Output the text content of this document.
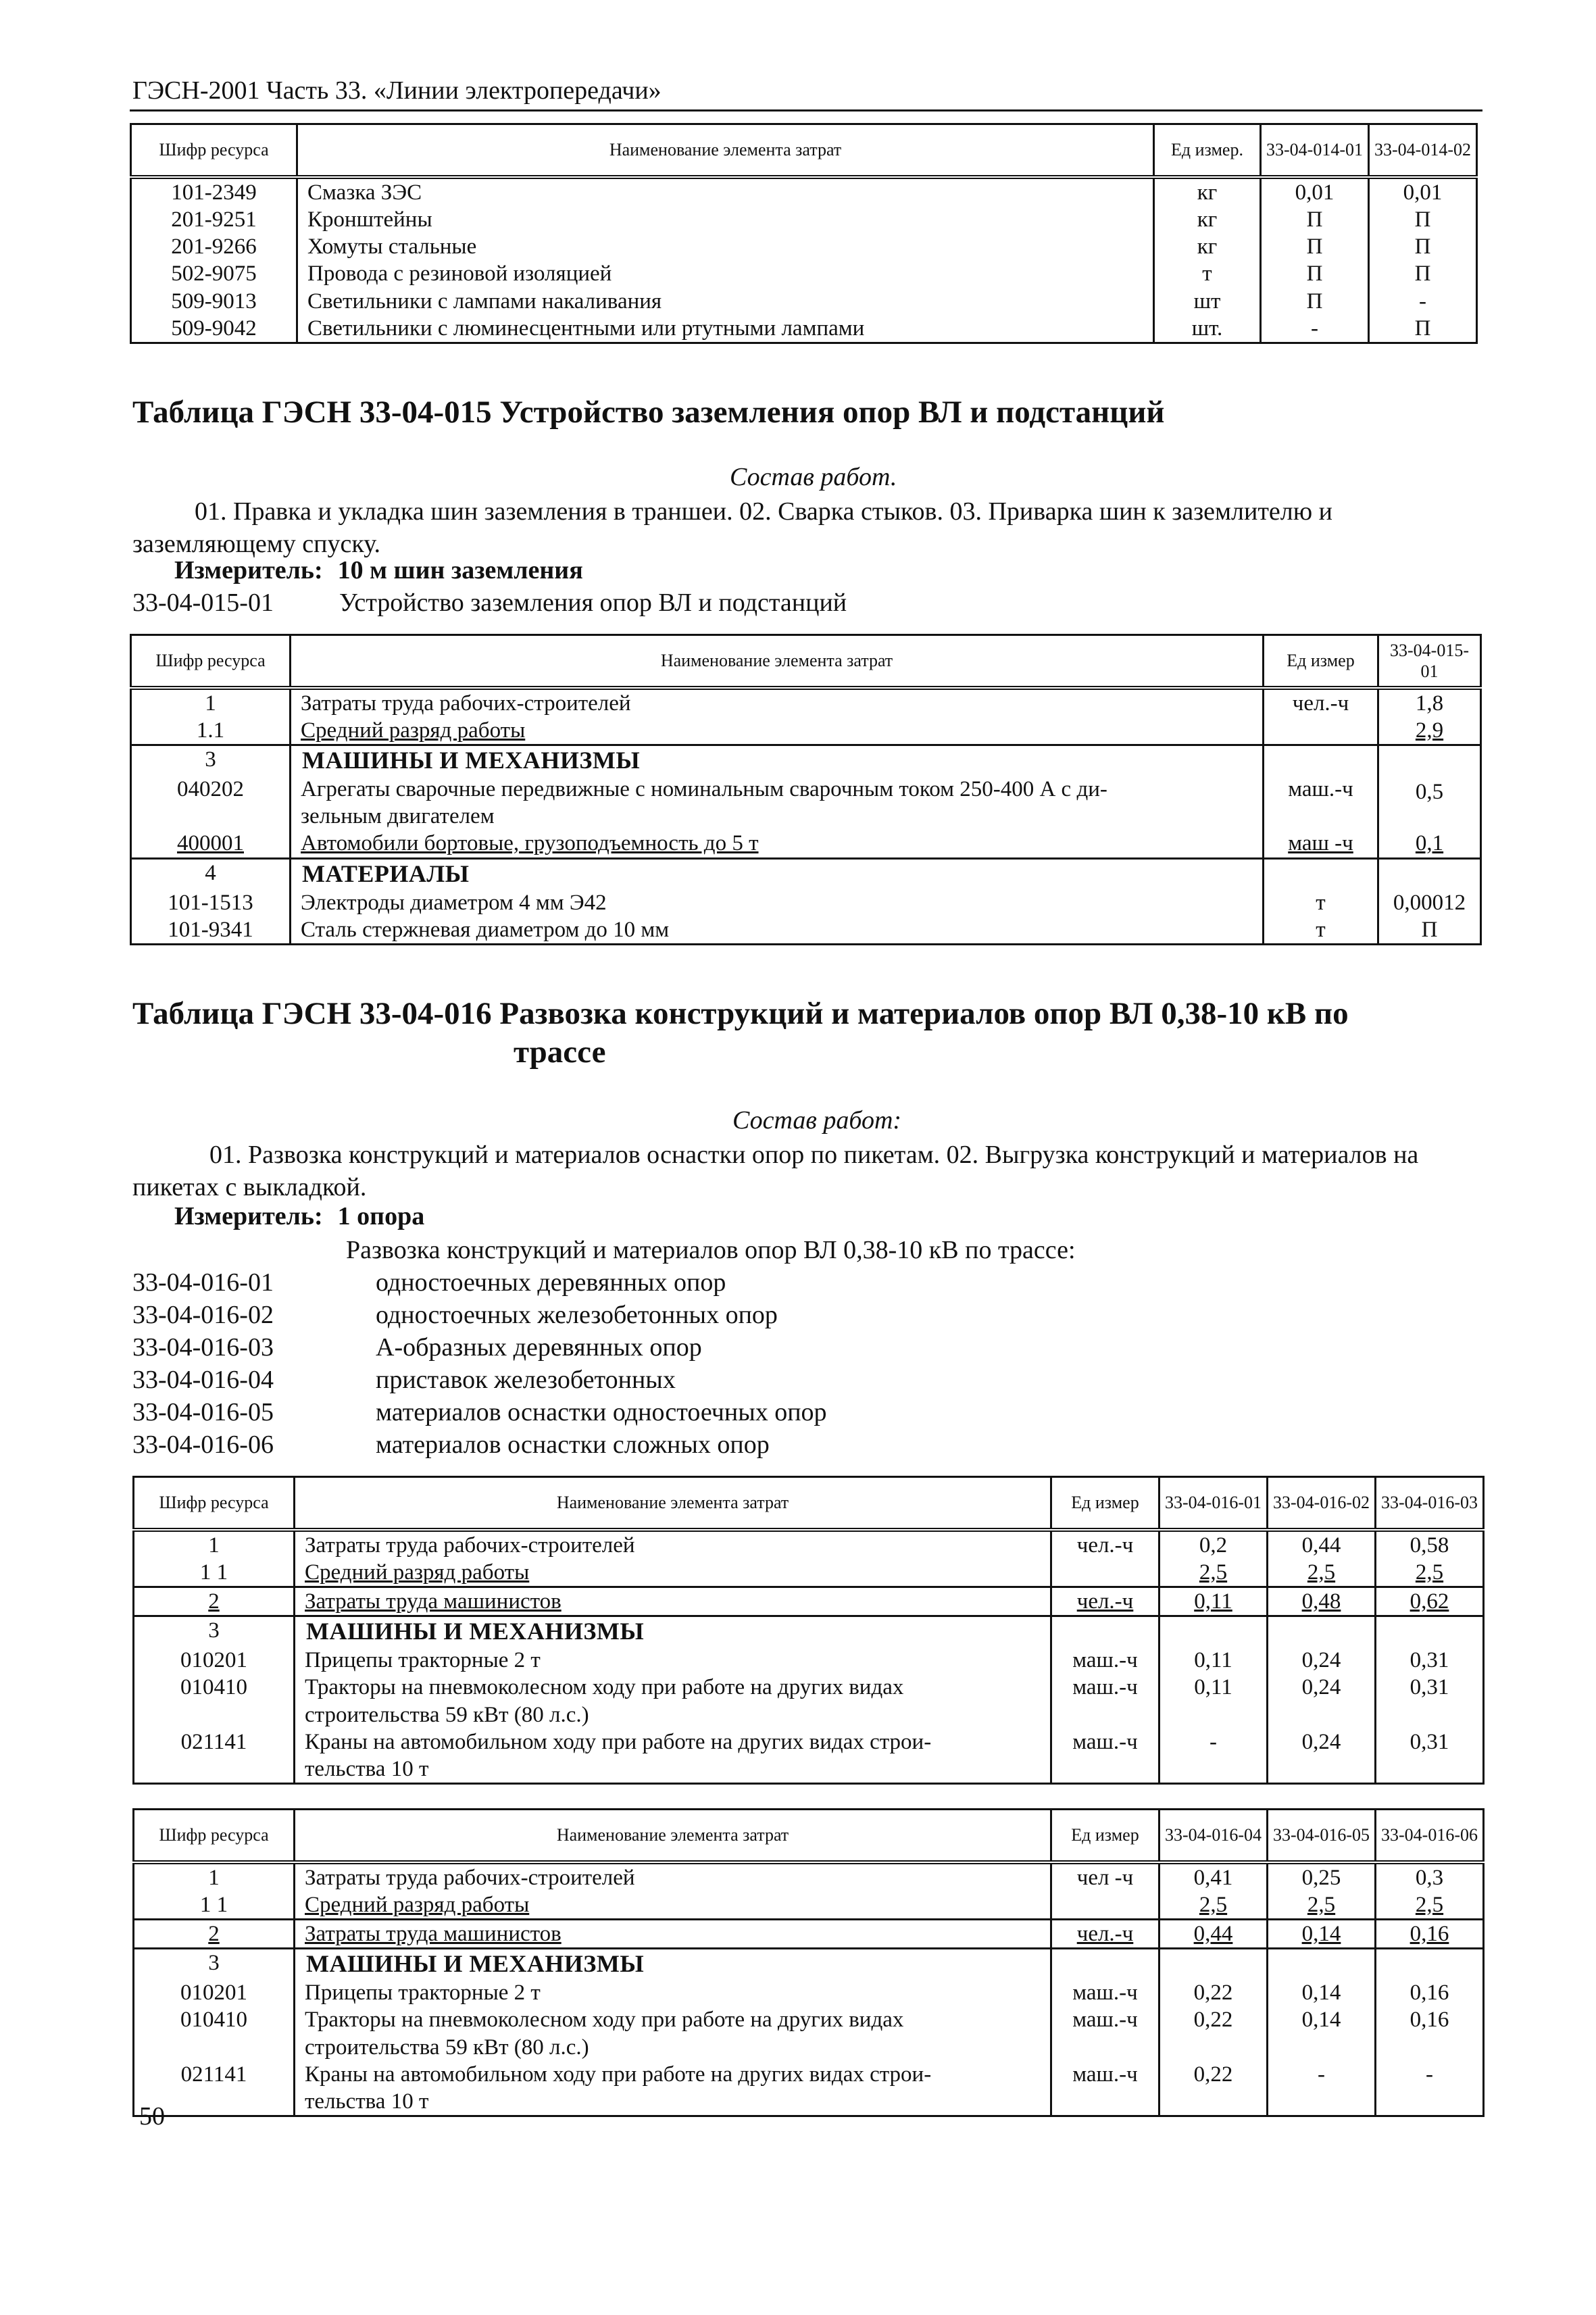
ГЭСН-2001 Часть 33. «Линии электропередачи»
Шифр ресурса	Наименование элемента затрат	Ед измер.	33-04-014-01	33-04-014-02
101-2349	Смазка ЗЭС	кг	0,01	0,01
201-9251	Кронштейны	кг	П	П
201-9266	Хомуты стальные	кг	П	П
502-9075	Провода с резиновой изоляцией	т	П	П
509-9013	Светильники с лампами накаливания	шт	П	-
509-9042	Светильники с люминесцентными или ртутными лампами	шт.	-	П
Таблица ГЭСН 33-04-015 Устройство заземления опор ВЛ и подстанций
Состав работ.
01. Правка и укладка шин заземления в траншеи. 02. Сварка стыков. 03. Приварка шин к заземлителю и заземляющему спуску.
Измеритель: 10 м шин заземления
33-04-015-01	Устройство заземления опор ВЛ и подстанций
Шифр ресурса	Наименование элемента затрат	Ед измер	33-04-015-01
1	Затраты труда рабочих-строителей	чел.-ч	1,8
1.1	Средний разряд работы		2,9
3	МАШИНЫ И МЕХАНИЗМЫ		
040202	Агрегаты сварочные передвижные с номинальным сварочным током 250-400 А с ди-
зельным двигателем	маш.-ч	0,5
400001	Автомобили бортовые, грузоподъемность до 5 т	маш -ч	0,1
4	МАТЕРИАЛЫ		
101-1513	Электроды диаметром 4 мм Э42	т	0,00012
101-9341	Сталь стержневая диаметром до 10 мм	т	П
Таблица ГЭСН 33-04-016 Развозка конструкций и материалов опор ВЛ 0,38-10 кВ по
трассе
Состав работ:
01. Развозка конструкций и материалов оснастки опор по пикетам. 02. Выгрузка конструкций и материалов на пикетах с выкладкой.
Измеритель: 1 опора
Развозка конструкций и материалов опор ВЛ 0,38-10 кВ по трассе:
33-04-016-01	одностоечных деревянных опор
33-04-016-02	одностоечных железобетонных опор
33-04-016-03	А-образных деревянных опор
33-04-016-04	приставок железобетонных
33-04-016-05	материалов оснастки одностоечных опор
33-04-016-06	материалов оснастки сложных опор
Шифр ресурса	Наименование элемента затрат	Ед измер	33-04-016-01	33-04-016-02	33-04-016-03
1	Затраты труда рабочих-строителей	чел.-ч	0,2	0,44	0,58
1 1	Средний разряд работы		2,5	2,5	2,5
2	Затраты труда машинистов	чел.-ч	0,11	0,48	0,62
3	МАШИНЫ И МЕХАНИЗМЫ				
010201	Прицепы тракторные 2 т	маш.-ч	0,11	0,24	0,31
010410	Тракторы на пневмоколесном ходу при работе на других видах
строительства 59 кВт (80 л.с.)	маш.-ч	0,11	0,24	0,31
021141	Краны на автомобильном ходу при работе на других видах строи-
тельства 10 т	маш.-ч	-	0,24	0,31
Шифр ресурса	Наименование элемента затрат	Ед измер	33-04-016-04	33-04-016-05	33-04-016-06
1	Затраты труда рабочих-строителей	чел -ч	0,41	0,25	0,3
1 1	Средний разряд работы		2,5	2,5	2,5
2	Затраты труда машинистов	чел.-ч	0,44	0,14	0,16
3	МАШИНЫ И МЕХАНИЗМЫ				
010201	Прицепы тракторные 2 т	маш.-ч	0,22	0,14	0,16
010410	Тракторы на пневмоколесном ходу при работе на других видах
строительства 59 кВт (80 л.с.)	маш.-ч	0,22	0,14	0,16
021141	Краны на автомобильном ходу при работе на других видах строи-
тельства 10 т	маш.-ч	0,22	-	-
50
